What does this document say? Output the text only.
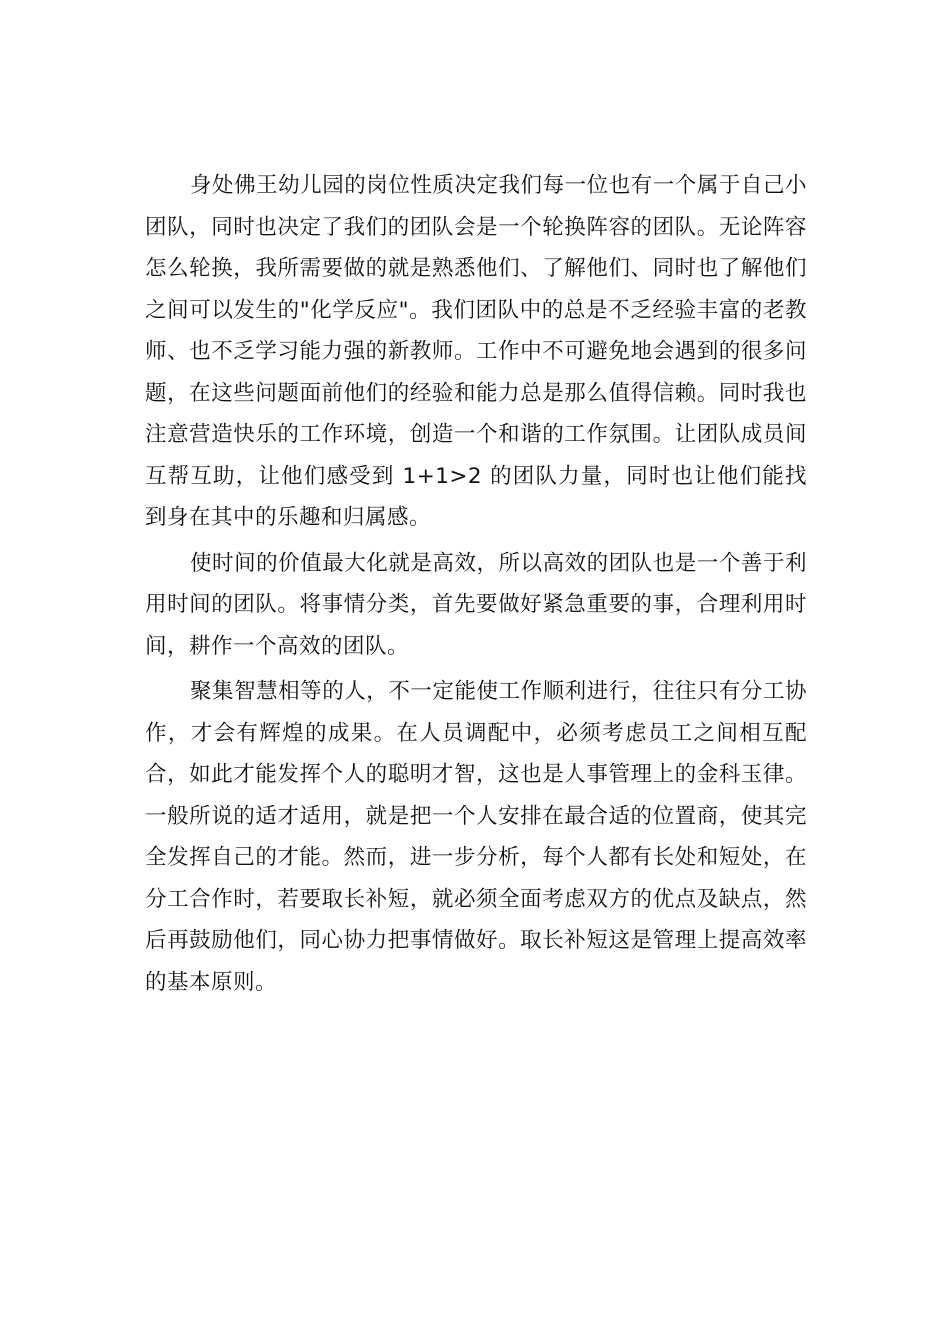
身处佛王幼儿园的岗位性质决定我们每一位也有一个属于自己小团队，同时也决定了我们的团队会是一个轮换阵容的团队。无论阵容怎么轮换，我所需要做的就是熟悉他们、了解他们、同时也了解他们之间可以发生的"化学反应"。我们团队中的总是不乏经验丰富的老教师、也不乏学习能力强的新教师。工作中不可避免地会遇到的很多问题，在这些问题面前他们的经验和能力总是那么值得信赖。同时我也注意营造快乐的工作环境，创造一个和谐的工作氛围。让团队成员间互帮互助，让他们感受到 1+1>2 的团队力量，同时也让他们能找到身在其中的乐趣和归属感。

使时间的价值最大化就是高效，所以高效的团队也是一个善于利用时间的团队。将事情分类，首先要做好紧急重要的事，合理利用时间，耕作一个高效的团队。

聚集智慧相等的人，不一定能使工作顺利进行，往往只有分工协作，才会有辉煌的成果。在人员调配中，必须考虑员工之间相互配合，如此才能发挥个人的聪明才智，这也是人事管理上的金科玉律。一般所说的适才适用，就是把一个人安排在最合适的位置商，使其完全发挥自己的才能。然而，进一步分析，每个人都有长处和短处，在分工合作时，若要取长补短，就必须全面考虑双方的优点及缺点，然后再鼓励他们，同心协力把事情做好。取长补短这是管理上提高效率的基本原则。
